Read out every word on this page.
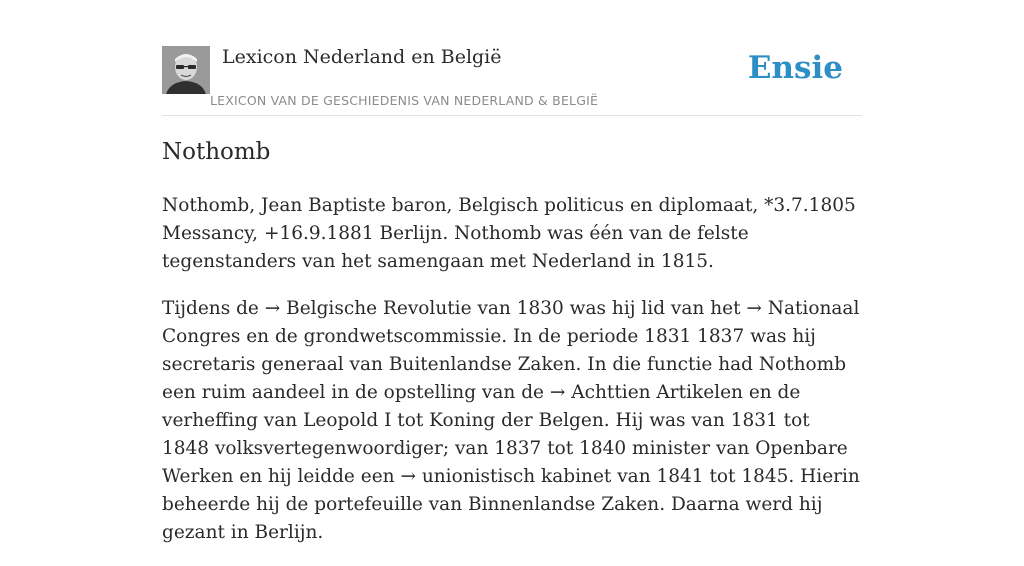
Lexicon Nederland en België
LEXICON VAN DE GESCHIEDENIS VAN NEDERLAND & BELGIË
Ensie
Nothomb

Nothomb, Jean Baptiste baron, Belgisch politicus en diplomaat, *3.7.1805 Messancy, +16.9.1881 Berlijn. Nothomb was één van de felste tegenstanders van het samengaan met Nederland in 1815.

Tijdens de → Belgische Revolutie van 1830 was hij lid van het → Nationaal Congres en de grondwetscommissie. In de periode 1831 1837 was hij secretaris generaal van Buitenlandse Zaken. In die functie had Nothomb een ruim aandeel in de opstelling van de → Achttien Artikelen en de verheffing van Leopold I tot Koning der Belgen. Hij was van 1831 tot 1848 volksvertegenwoordiger; van 1837 tot 1840 minister van Openbare Werken en hij leidde een → unionistisch kabinet van 1841 tot 1845. Hierin beheerde hij de portefeuille van Binnenlandse Zaken. Daarna werd hij gezant in Berlijn.
